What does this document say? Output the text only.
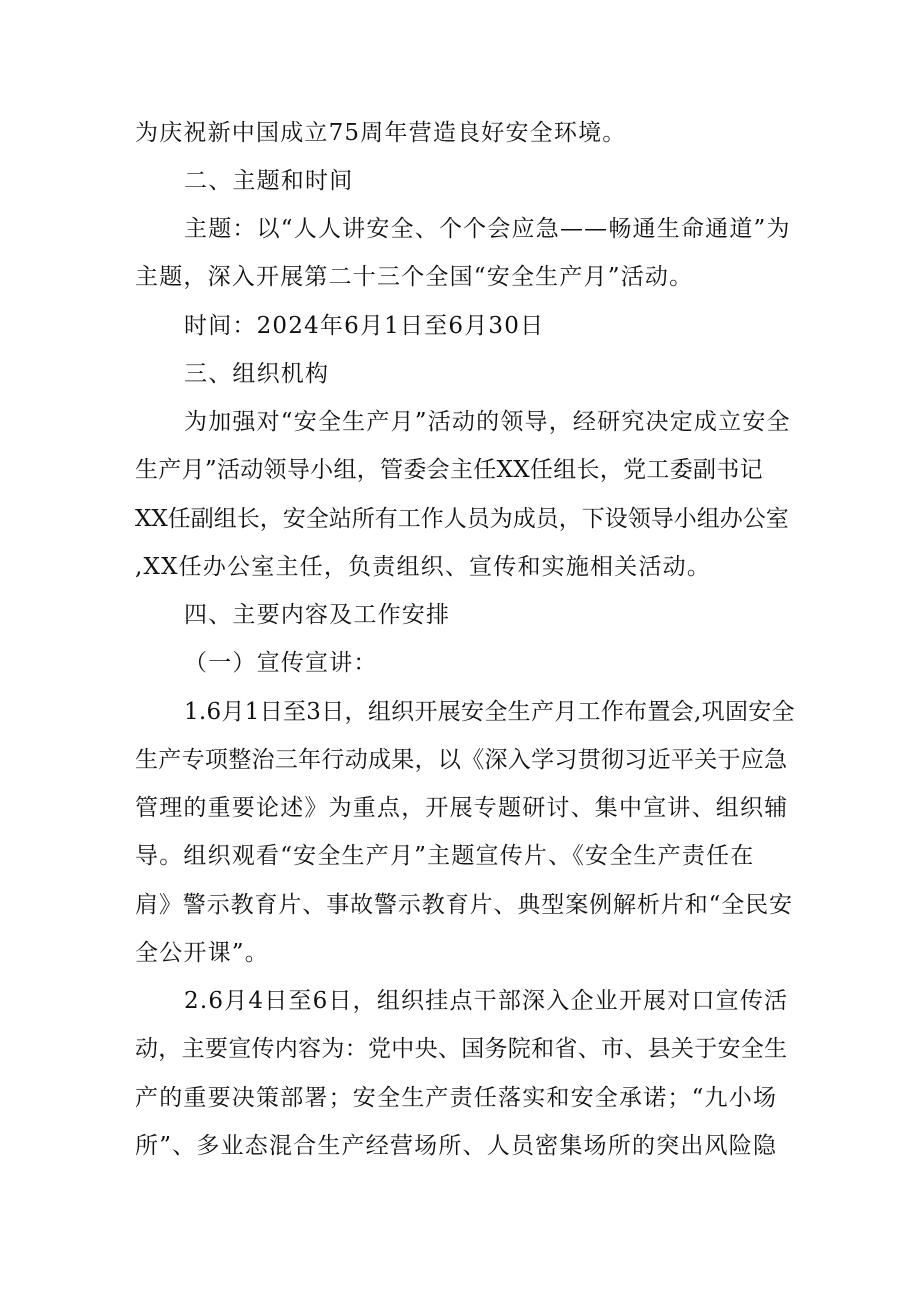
为庆祝新中国成立75周年营造良好安全环境。
二、主题和时间
主题：以“人人讲安全、个个会应急——畅通生命通道”为
主题，深入开展第二十三个全国“安全生产月”活动。
时间：2024年6月1日至6月30日
三、组织机构
为加强对“安全生产月”活动的领导，经研究决定成立安全
生产月”活动领导小组，管委会主任XX任组长，党工委副书记
XX任副组长，安全站所有工作人员为成员，下设领导小组办公室
,XX任办公室主任，负责组织、宣传和实施相关活动。
四、主要内容及工作安排
（一）宣传宣讲：
1.6月1日至3日，组织开展安全生产月工作布置会,巩固安全
生产专项整治三年行动成果，以《深入学习贯彻习近平关于应急
管理的重要论述》为重点，开展专题研讨、集中宣讲、组织辅
导。组织观看“安全生产月”主题宣传片、《安全生产责任在
肩》警示教育片、事故警示教育片、典型案例解析片和“全民安
全公开课”。
2.6月4日至6日，组织挂点干部深入企业开展对口宣传活
动，主要宣传内容为：党中央、国务院和省、市、县关于安全生
产的重要决策部署；安全生产责任落实和安全承诺；“九小场
所”、多业态混合生产经营场所、人员密集场所的突出风险隐
